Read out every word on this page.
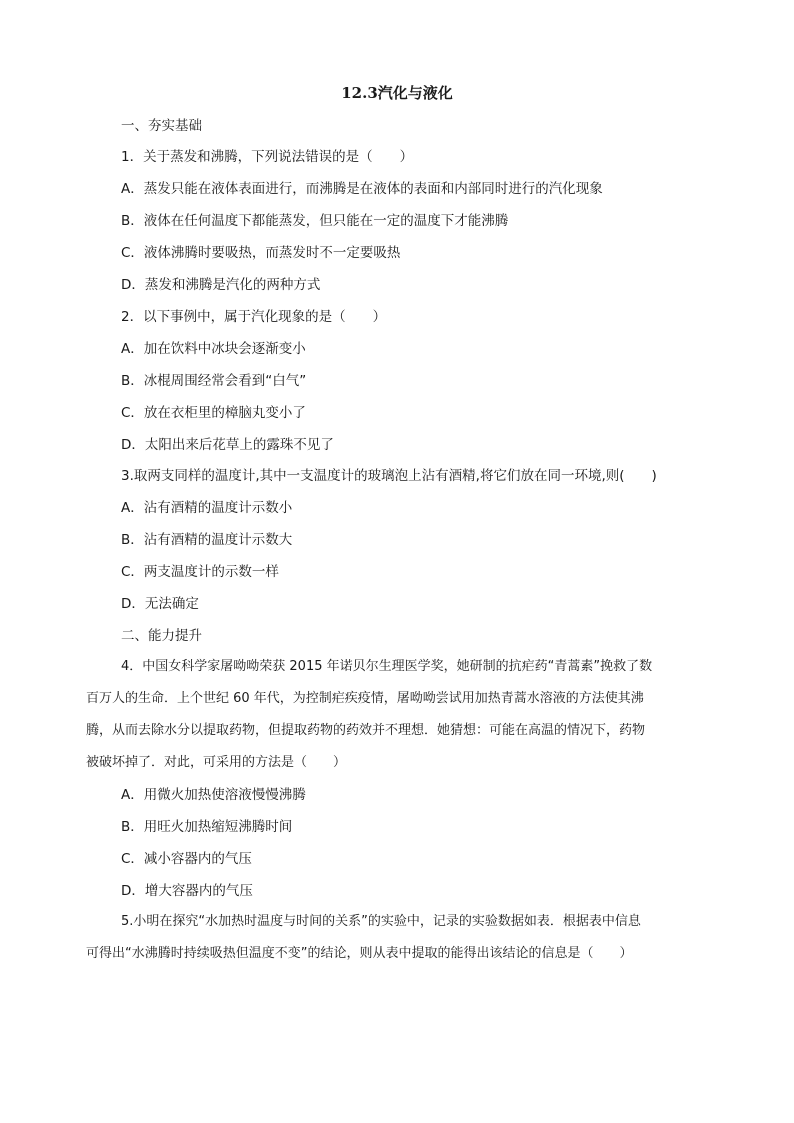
12.3汽化与液化
一、夯实基础
1．关于蒸发和沸腾，下列说法错误的是（　　）
A．蒸发只能在液体表面进行，而沸腾是在液体的表面和内部同时进行的汽化现象
B．液体在任何温度下都能蒸发，但只能在一定的温度下才能沸腾
C．液体沸腾时要吸热，而蒸发时不一定要吸热
D．蒸发和沸腾是汽化的两种方式
2．以下事例中，属于汽化现象的是（　　）
A．加在饮料中冰块会逐渐变小
B．冰棍周围经常会看到“白气”
C．放在衣柜里的樟脑丸变小了
D．太阳出来后花草上的露珠不见了
3.取两支同样的温度计,其中一支温度计的玻璃泡上沾有酒精,将它们放在同一环境,则(　　)
A．沾有酒精的温度计示数小
B．沾有酒精的温度计示数大
C．两支温度计的示数一样
D．无法确定
二、能力提升
4．中国女科学家屠呦呦荣获 2015 年诺贝尔生理医学奖，她研制的抗疟药“青蒿素”挽救了数
百万人的生命．上个世纪 60 年代，为控制疟疾疫情，屠呦呦尝试用加热青蒿水溶液的方法使其沸
腾，从而去除水分以提取药物，但提取药物的药效并不理想．她猜想：可能在高温的情况下，药物
被破坏掉了．对此，可采用的方法是（　　）
A．用微火加热使溶液慢慢沸腾
B．用旺火加热缩短沸腾时间
C．减小容器内的气压
D．增大容器内的气压
5.小明在探究“水加热时温度与时间的关系”的实验中，记录的实验数据如表．根据表中信息
可得出“水沸腾时持续吸热但温度不变”的结论，则从表中提取的能得出该结论的信息是（　　）
